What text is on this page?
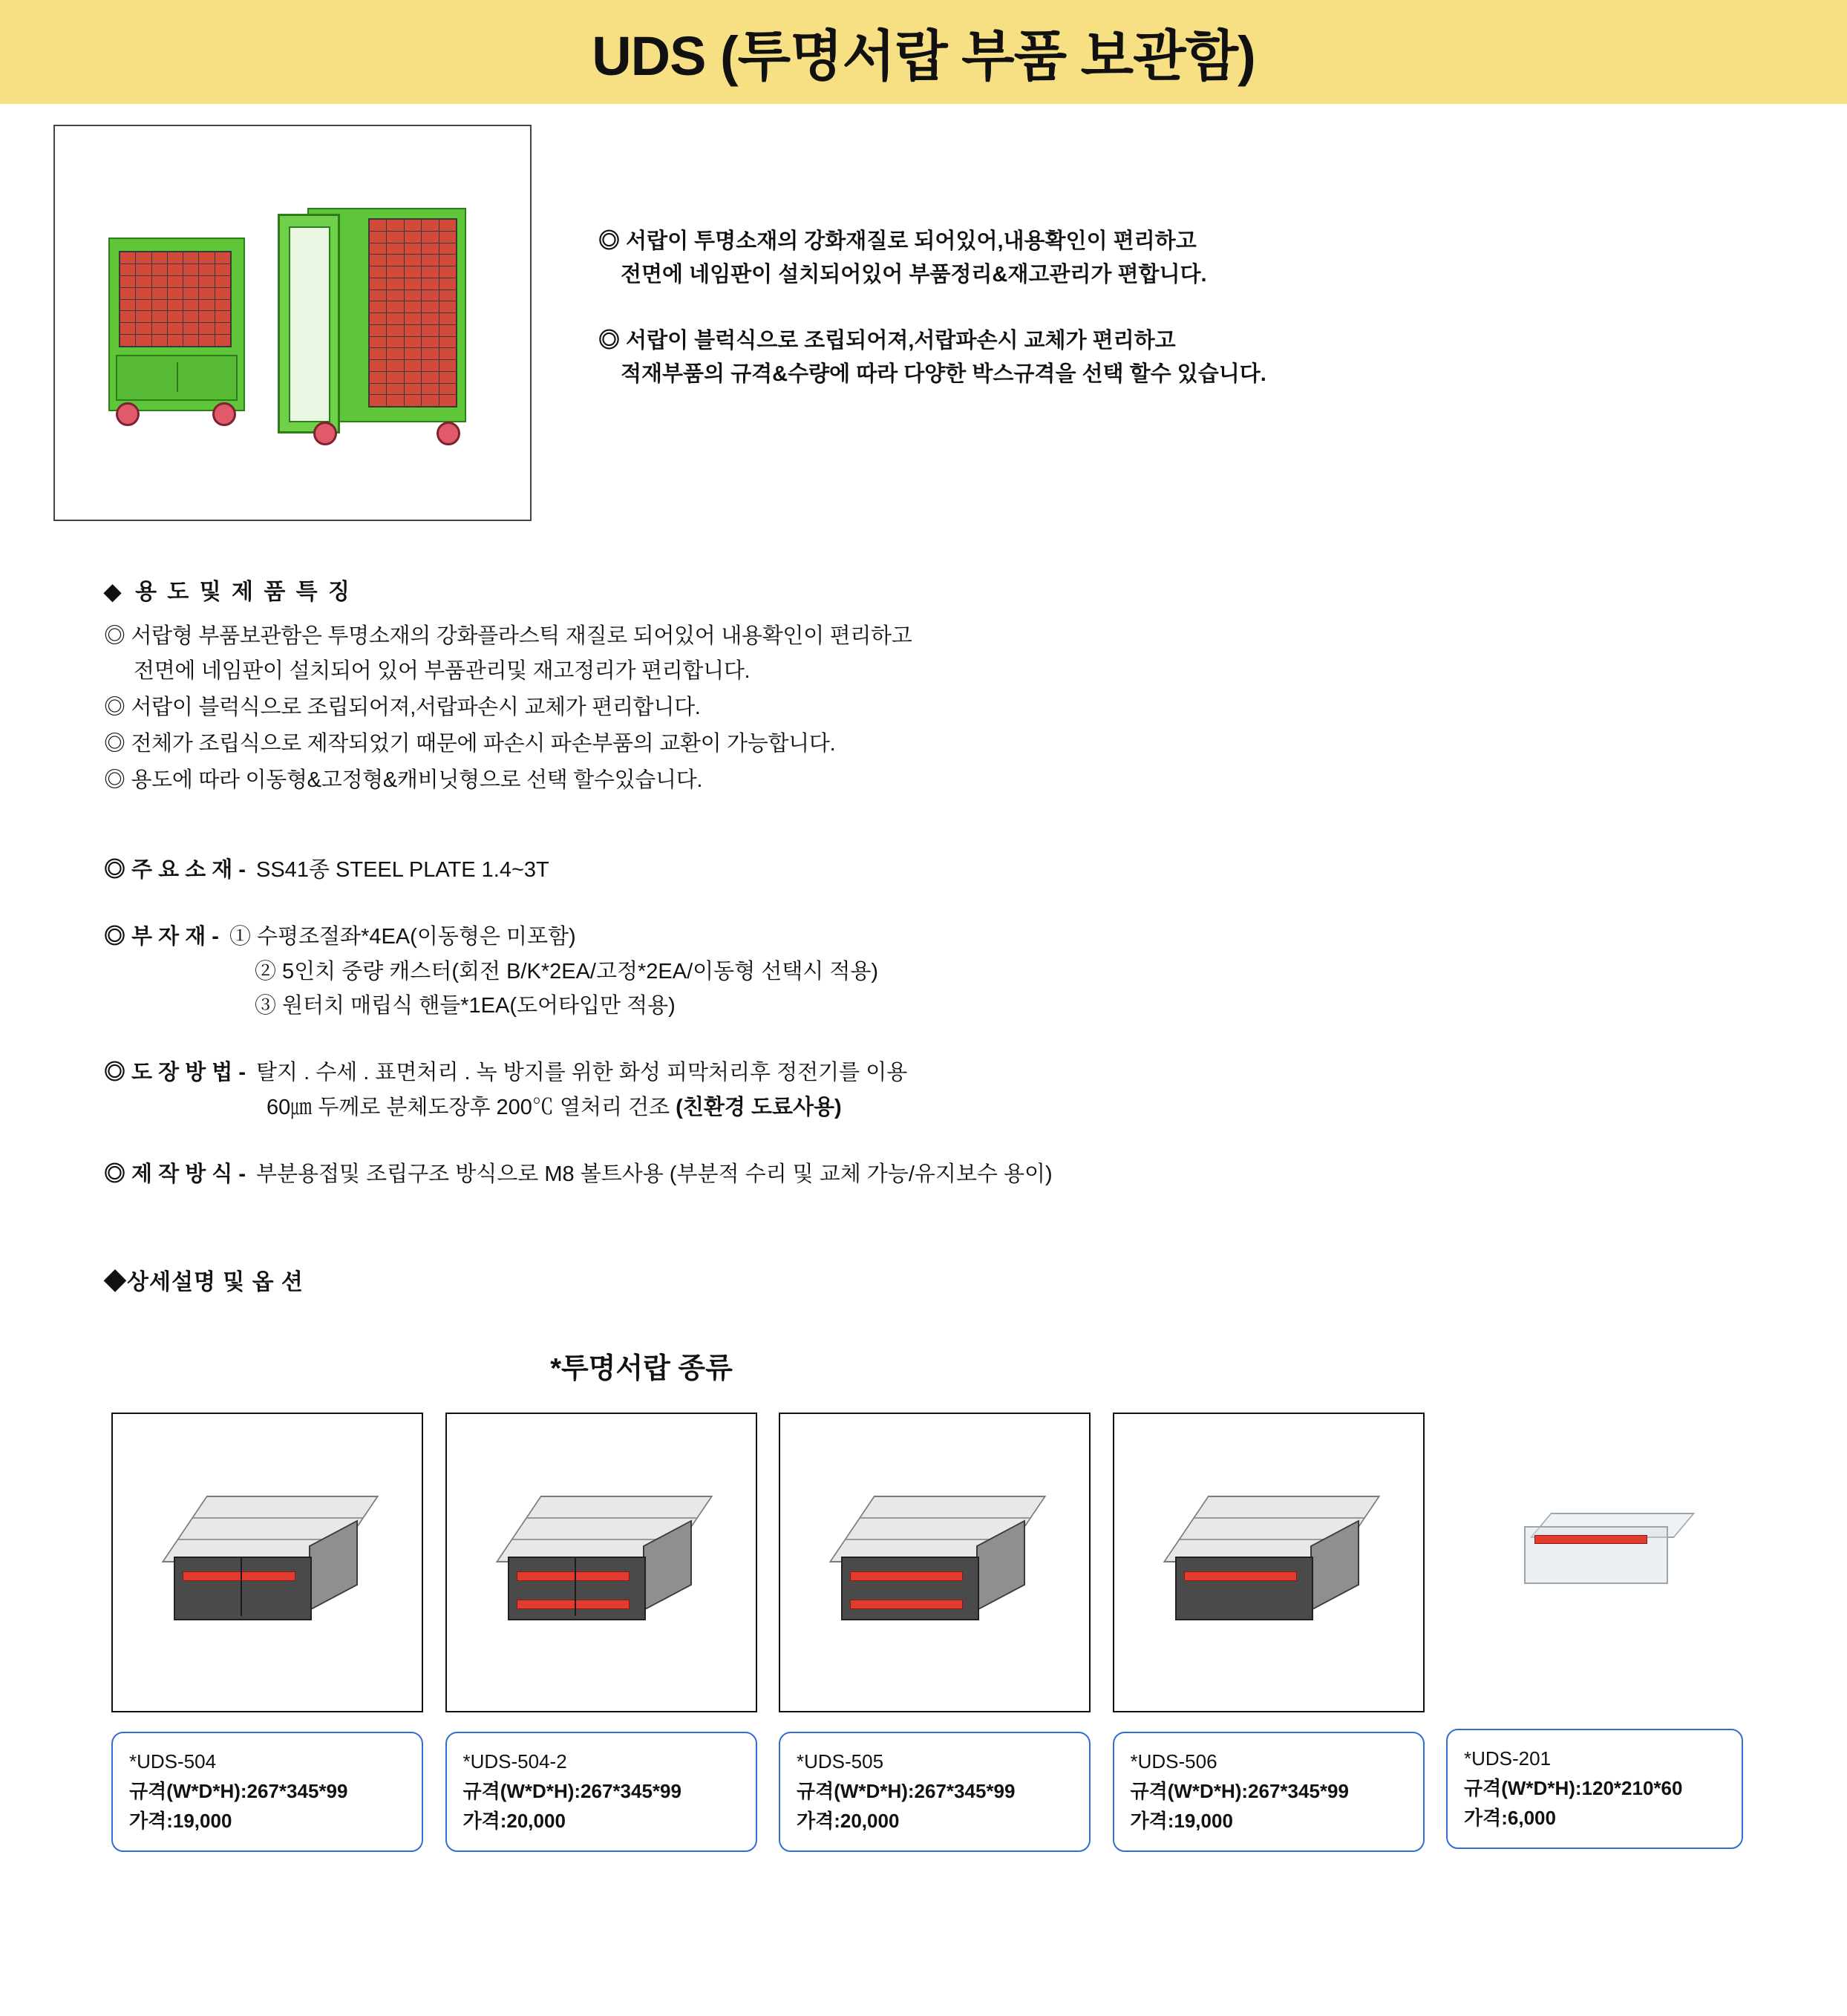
UDS (투명서랍 부품 보관함)

◎ 서랍이 투명소재의 강화재질로 되어있어,내용확인이 편리하고
전면에 네임판이 설치되어있어 부품정리&재고관리가 편합니다.

◎ 서랍이 블럭식으로 조립되어져,서랍파손시 교체가 편리하고
적재부품의 규격&수량에 따라 다양한 박스규격을 선택 할수 있습니다.

◆ 용 도 및 제 품 특 징

◎ 서랍형 부품보관함은 투명소재의 강화플라스틱 재질로 되어있어 내용확인이 편리하고
전면에 네임판이 설치되어 있어 부품관리및 재고정리가 편리합니다.

◎ 서랍이 블럭식으로 조립되어져,서랍파손시 교체가 편리합니다.

◎ 전체가 조립식으로 제작되었기 때문에 파손시 파손부품의 교환이 가능합니다.

◎ 용도에 따라 이동형&고정형&캐비닛형으로 선택 할수있습니다.

◎ 주 요 소 재 - SS41종 STEEL PLATE 1.4~3T
◎ 부 자 재 - ① 수평조절좌*4EA(이동형은 미포함)
② 5인치 중량 캐스터(회전 B/K*2EA/고정*2EA/이동형 선택시 적용)
③ 원터치 매립식 핸들*1EA(도어타입만 적용)
◎ 도 장 방 법 - 탈지 . 수세 . 표면처리 . 녹 방지를 위한 화성 피막처리후 정전기를 이용
60㎛ 두께로 분체도장후 200℃ 열처리 건조 (친환경 도료사용)
◎ 제 작 방 식 - 부분용접및 조립구조 방식으로 M8 볼트사용 (부분적 수리 및 교체 가능/유지보수 용이)
◆상세설명 및 옵 션
*투명서랍 종류
*UDS-504
규격(W*D*H):267*345*99
가격:19,000
*UDS-504-2
규격(W*D*H):267*345*99
가격:20,000
*UDS-505
규격(W*D*H):267*345*99
가격:20,000
*UDS-506
규격(W*D*H):267*345*99
가격:19,000
*UDS-201
규격(W*D*H):120*210*60
가격:6,000
